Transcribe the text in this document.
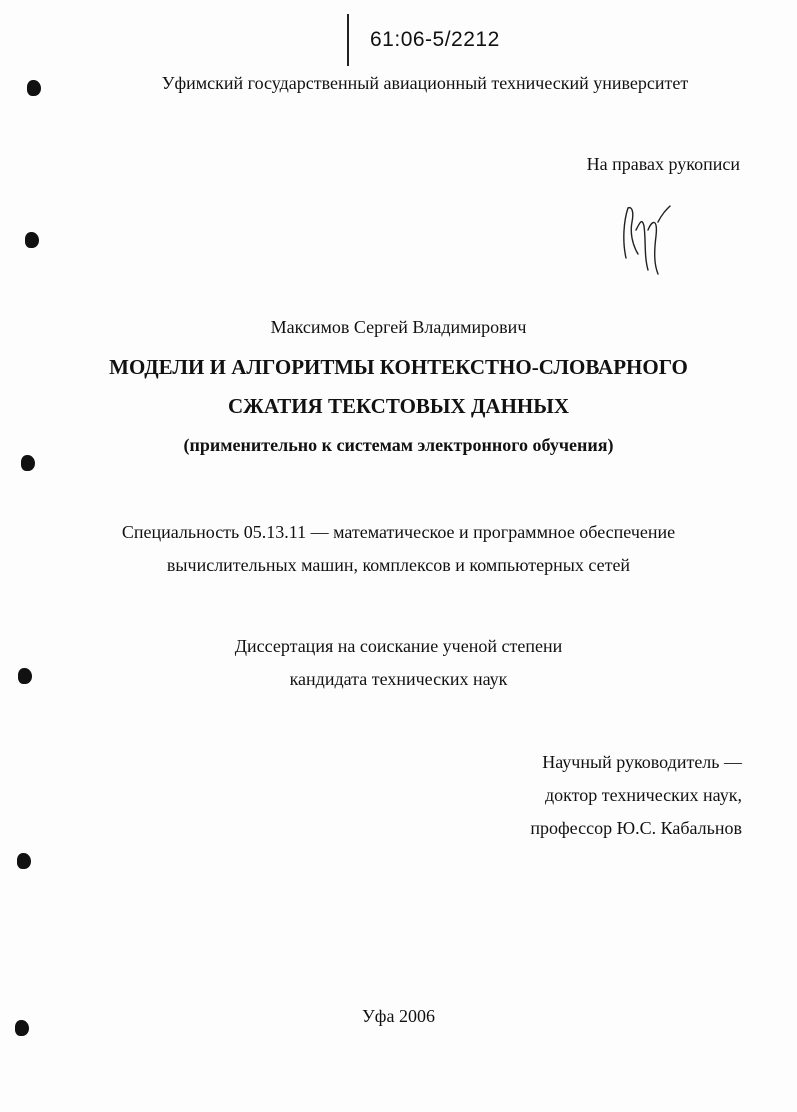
61:06-5/2212
Уфимский государственный авиационный технический университет
На правах рукописи
Максимов Сергей Владимирович
МОДЕЛИ И АЛГОРИТМЫ КОНТЕКСТНО-СЛОВАРНОГО
СЖАТИЯ ТЕКСТОВЫХ ДАННЫХ
(применительно к системам электронного обучения)
Специальность 05.13.11 — математическое и программное обеспечение
вычислительных машин, комплексов и компьютерных сетей
Диссертация на соискание ученой степени
кандидата технических наук
Научный руководитель —
доктор технических наук,
профессор Ю.С. Кабальнов
Уфа 2006
